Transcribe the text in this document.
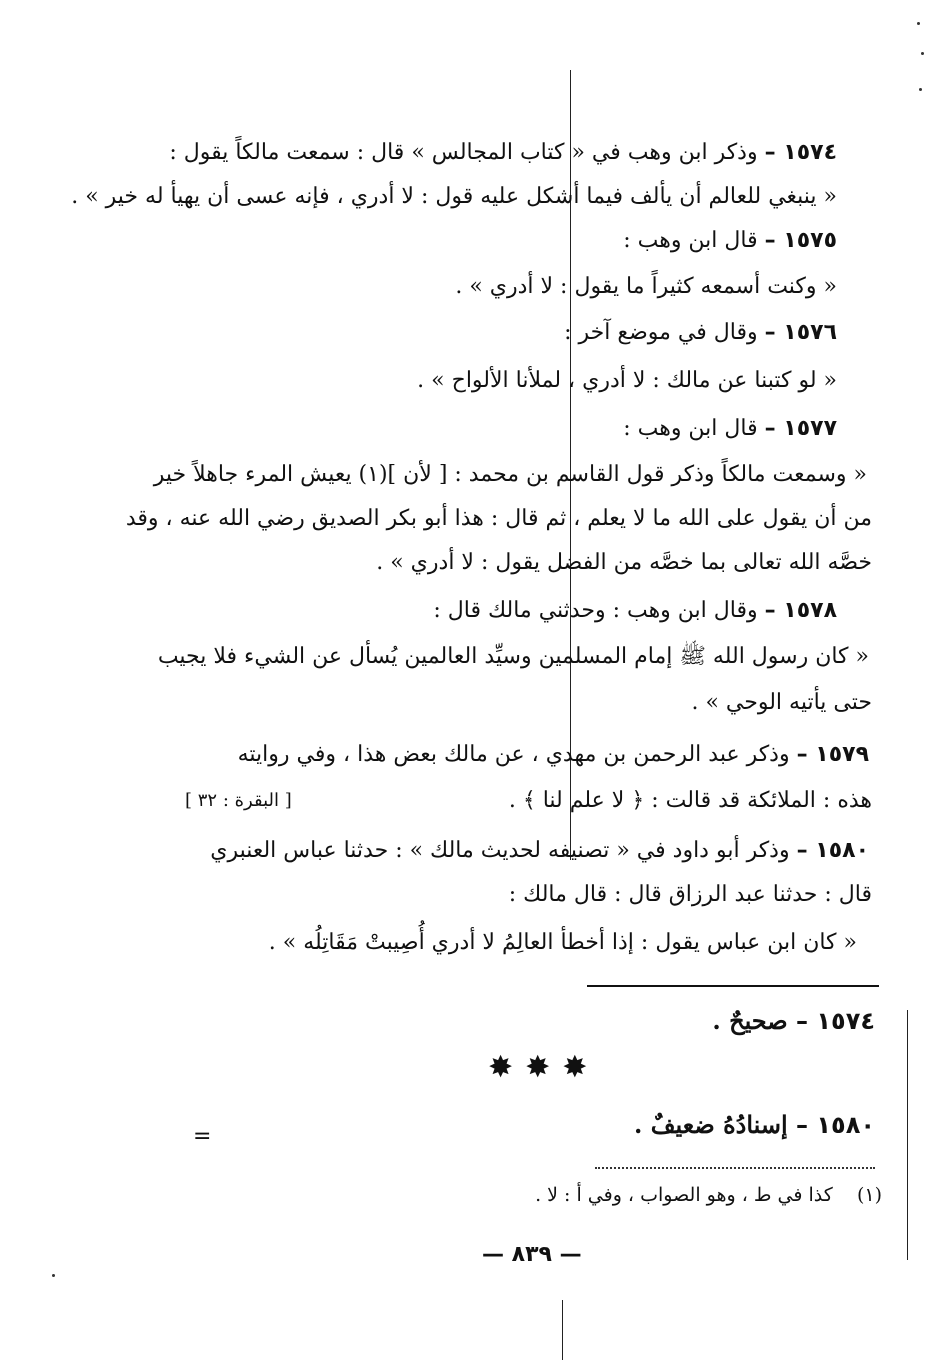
١٥٧٤ – وذكر ابن وهب في « كتاب المجالس » قال : سمعت مالكاً يقول :
« ينبغي للعالم أن يألف فيما أشكل عليه قول : لا أدري ، فإنه عسى أن يهيأ له خير » .
١٥٧٥ – قال ابن وهب :
« وكنت أسمعه كثيراً ما يقول : لا أدري » .
١٥٧٦ – وقال في موضع آخر :
« لو كتبنا عن مالك : لا أدري ، لملأنا الألواح » .
١٥٧٧ – قال ابن وهب :
« وسمعت مالكاً وذكر قول القاسم بن محمد : [ لأن ](١) يعيش المرء جاهلاً خير
من أن يقول على الله ما لا يعلم ، ثم قال : هذا أبو بكر الصديق رضي الله عنه ، وقد
خصَّه الله تعالى بما خصَّه من الفضل يقول : لا أدري » .
١٥٧٨ – وقال ابن وهب : وحدثني مالك قال :
« كان رسول الله ﷺ إمام المسلمين وسيِّد العالمين يُسأل عن الشيء فلا يجيب
حتى يأتيه الوحي » .
١٥٧٩ – وذكر عبد الرحمن بن مهدي ، عن مالك بعض هذا ، وفي روايته
هذه : الملائكة قد قالت : ﴿ لا علم لنا ﴾ .
[ البقرة : ٣٢ ]
١٥٨٠ – وذكر أبو داود في « تصنيفه لحديث مالك » : حدثنا عباس العنبري
قال : حدثنا عبد الرزاق قال : قال مالك :
« كان ابن عباس يقول : إذا أخطأ العالِمُ لا أدري أُصِيبتْ مَقَاتِلُه » .
١٥٧٤ – صحيحٌ .
✸✸✸
١٥٨٠ – إسنادُهُ ضعيفٌ .
=
(١)    كذا في ط ، وهو الصواب ، وفي أ : لا .
— ٨٣٩ —
